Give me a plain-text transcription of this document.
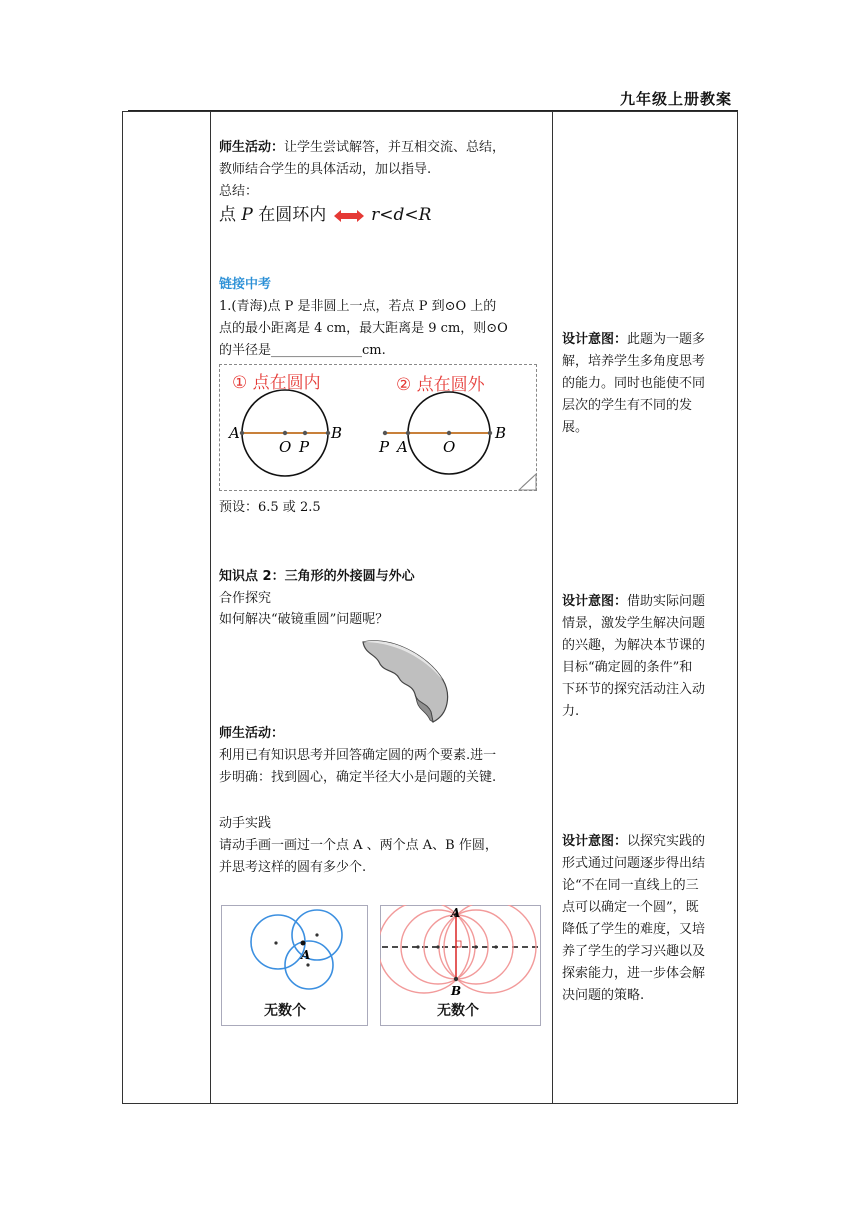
九年级上册教案
师生活动：让学生尝试解答，并互相交流、总结，
教师结合学生的具体活动，加以指导.
总结：
点 P 在圆环内	r<d<R
链接中考
1.(青海)点 P 是非圆上一点，若点 P 到⊙O 上的
点的最小距离是 4 cm，最大距离是 9 cm，则⊙O
的半径是______________cm.
① 点在圆内	② 点在圆外
A
O P
B
P A O
B
预设：6.5 或 2.5
知识点 2：三角形的外接圆与外心
合作探究
如何解决“破镜重圆”问题呢？
师生活动：
利用已有知识思考并回答确定圆的两个要素.进一
步明确：找到圆心，确定半径大小是问题的关键.
动手实践
请动手画一画过一个点 A 、两个点 A、B 作圆，
并思考这样的圆有多少个.
A
无数个
A
B
无数个
设计意图：此题为一题多
解，培养学生多角度思考
的能力。同时也能使不同
层次的学生有不同的发
展。
设计意图：借助实际问题
情景，激发学生解决问题
的兴趣，为解决本节课的
目标“确定圆的条件”和
下环节的探究活动注入动
力.
设计意图：以探究实践的
形式通过问题逐步得出结
论“不在同一直线上的三
点可以确定一个圆”，既
降低了学生的难度，又培
养了学生的学习兴趣以及
探索能力，进一步体会解
决问题的策略.
